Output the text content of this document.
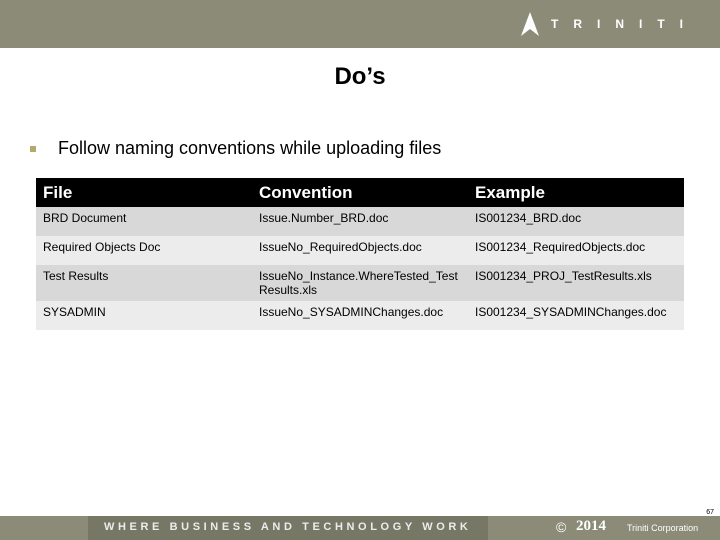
TRINITI
Do’s
Follow naming conventions while uploading files
File	Convention	Example
BRD Document	Issue.Number_BRD.doc	IS001234_BRD.doc
Required Objects Doc	IssueNo_RequiredObjects.doc	IS001234_RequiredObjects.doc
Test Results	IssueNo_Instance.WhereTested_Test Results.xls	IS001234_PROJ_TestResults.xls
SYSADMIN	IssueNo_SYSADMINChanges.doc	IS001234_SYSADMINChanges.doc
67
WHERE BUSINESS AND TECHNOLOGY WORK	© 2014 Triniti Corporation
